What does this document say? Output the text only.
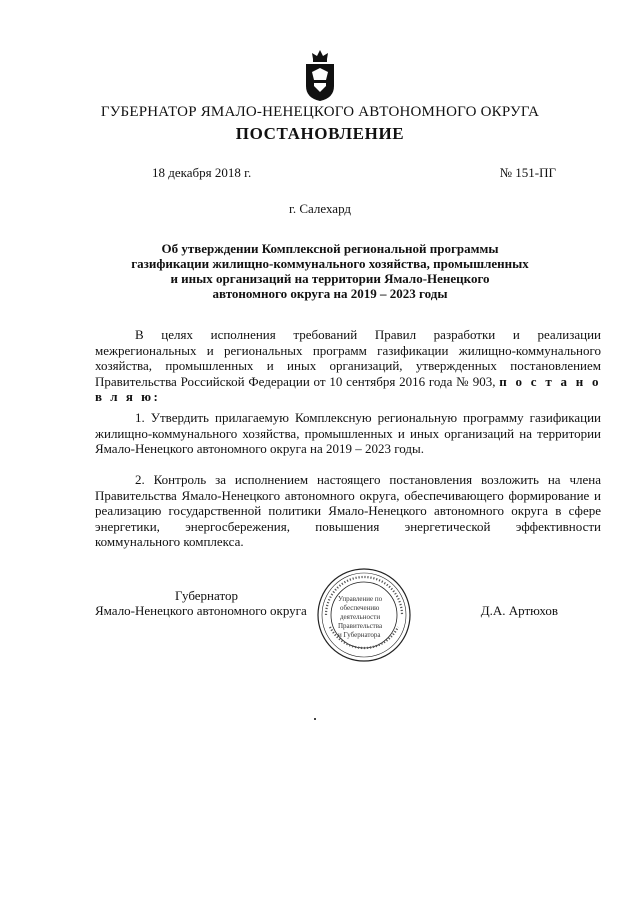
ГУБЕРНАТОР ЯМАЛО-НЕНЕЦКОГО АВТОНОМНОГО ОКРУГА
ПОСТАНОВЛЕНИЕ
18 декабря 2018 г.	№ 151-ПГ
г. Салехард
Об утверждении Комплексной региональной программы
газификации жилищно-коммунального хозяйства, промышленных
и иных организаций на территории Ямало-Ненецкого
автономного округа на 2019 – 2023 годы
В целях исполнения требований Правил разработки и реализации межрегиональных и региональных программ газификации жилищно-коммунального хозяйства, промышленных и иных организаций, утвержденных постановлением Правительства Российской Федерации от 10 сентября 2016 года № 903, п о с т а н о в л я ю:
1. Утвердить прилагаемую Комплексную региональную программу газификации жилищно-коммунального хозяйства, промышленных и иных организаций на территории Ямало-Ненецкого автономного округа на 2019 – 2023 годы.
2. Контроль за исполнением настоящего постановления возложить на члена Правительства Ямало-Ненецкого автономного округа, обеспечивающего формирование и реализацию государственной политики Ямало-Ненецкого автономного округа в сфере энергетики, энергосбережения, повышения энергетической эффективности коммунального комплекса.
Губернатор
Ямало-Ненецкого автономного округа	Д.А. Артюхов
Управление по
обеспечению
деятельности
Правительства
и Губернатора
